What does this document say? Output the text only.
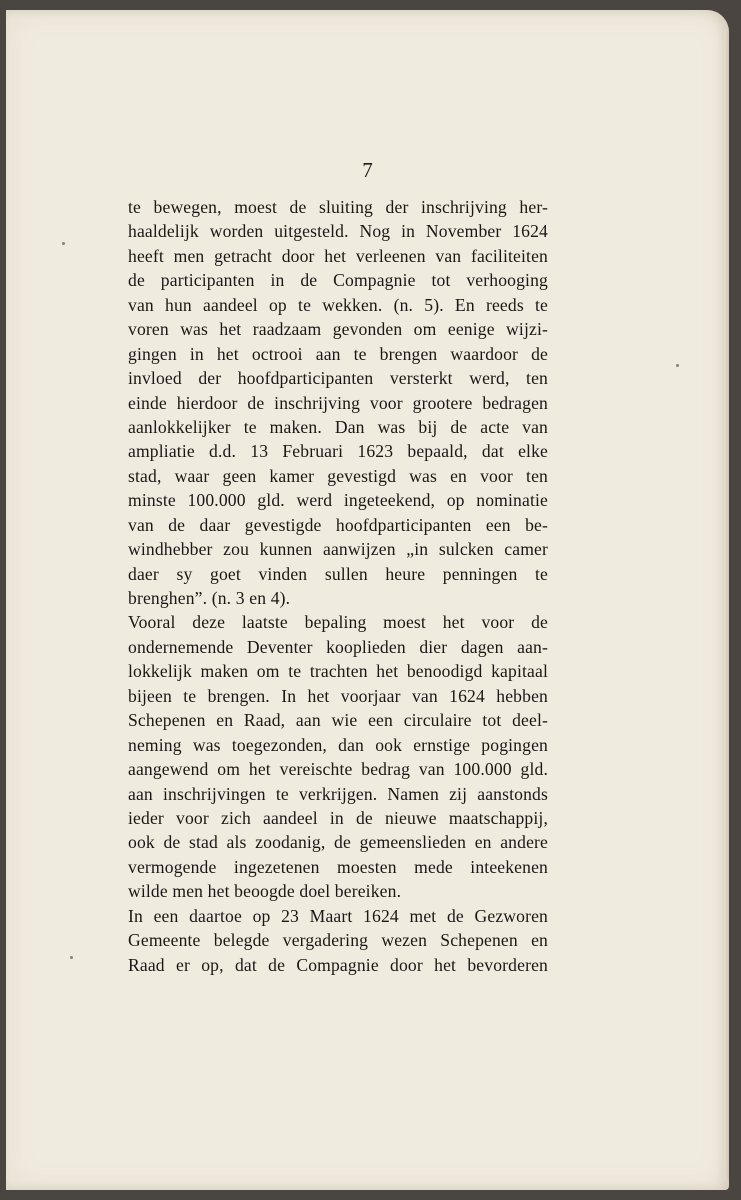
7

te bewegen, moest de sluiting der inschrijving her-
haaldelijk worden uitgesteld. Nog in November 1624
heeft men getracht door het verleenen van faciliteiten
de participanten in de Compagnie tot verhooging
van hun aandeel op te wekken. (n. 5). En reeds te
voren was het raadzaam gevonden om eenige wijzi-
gingen in het octrooi aan te brengen waardoor de
invloed der hoofdparticipanten versterkt werd, ten
einde hierdoor de inschrijving voor grootere bedragen
aanlokkelijker te maken. Dan was bij de acte van
ampliatie d.d. 13 Februari 1623 bepaald, dat elke
stad, waar geen kamer gevestigd was en voor ten
minste 100.000 gld. werd ingeteekend, op nominatie
van de daar gevestigde hoofdparticipanten een be-
windhebber zou kunnen aanwijzen „in sulcken camer
daer sy goet vinden sullen heure penningen te
brenghen”. (n. 3 en 4).
Vooral deze laatste bepaling moest het voor de
ondernemende Deventer kooplieden dier dagen aan-
lokkelijk maken om te trachten het benoodigd kapitaal
bijeen te brengen. In het voorjaar van 1624 hebben
Schepenen en Raad, aan wie een circulaire tot deel-
neming was toegezonden, dan ook ernstige pogingen
aangewend om het vereischte bedrag van 100.000 gld.
aan inschrijvingen te verkrijgen. Namen zij aanstonds
ieder voor zich aandeel in de nieuwe maatschappij,
ook de stad als zoodanig, de gemeenslieden en andere
vermogende ingezetenen moesten mede inteekenen
wilde men het beoogde doel bereiken.
In een daartoe op 23 Maart 1624 met de Gezworen
Gemeente belegde vergadering wezen Schepenen en
Raad er op, dat de Compagnie door het bevorderen
